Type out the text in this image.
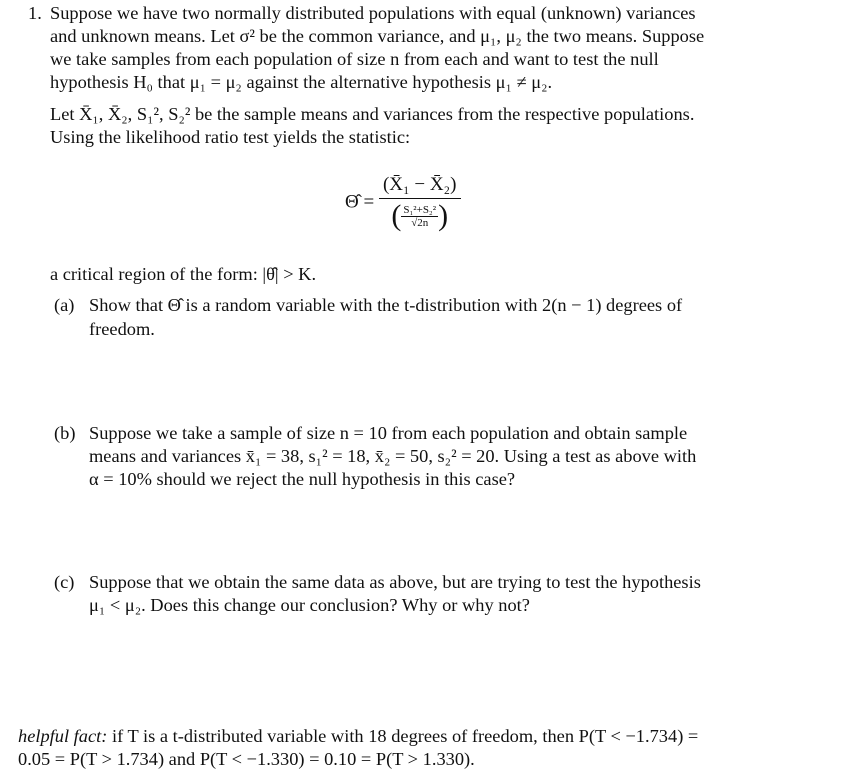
1. Suppose we have two normally distributed populations with equal (unknown) variances
and unknown means. Let σ² be the common variance, and μ₁, μ₂ the two means. Suppose
we take samples from each population of size n from each and want to test the null
hypothesis H₀ that μ₁ = μ₂ against the alternative hypothesis μ₁ ≠ μ₂.
Let X̄₁, X̄₂, S₁², S₂² be the sample means and variances from the respective populations.
Using the likelihood ratio test yields the statistic:
Θ̂ = $\frac{\text{(X̄₁ − X̄₂)}}{( \frac{\text{S₁²+S₂²}}{√2n} )}$
a critical region of the form: |θ̂| > K.
(a) Show that Θ̂ is a random variable with the t-distribution with 2(n − 1) degrees of
freedom.
(b) Suppose we take a sample of size n = 10 from each population and obtain sample
means and variances x̄₁ = 38, s₁² = 18, x̄₂ = 50, s₂² = 20. Using a test as above with
α = 10% should we reject the null hypothesis in this case?
(c) Suppose that we obtain the same data as above, but are trying to test the hypothesis
μ₁ < μ₂. Does this change our conclusion? Why or why not?
helpful fact: if T is a t-distributed variable with 18 degrees of freedom, then P(T < −1.734) =
0.05 = P(T > 1.734) and P(T < −1.330) = 0.10 = P(T > 1.330).
